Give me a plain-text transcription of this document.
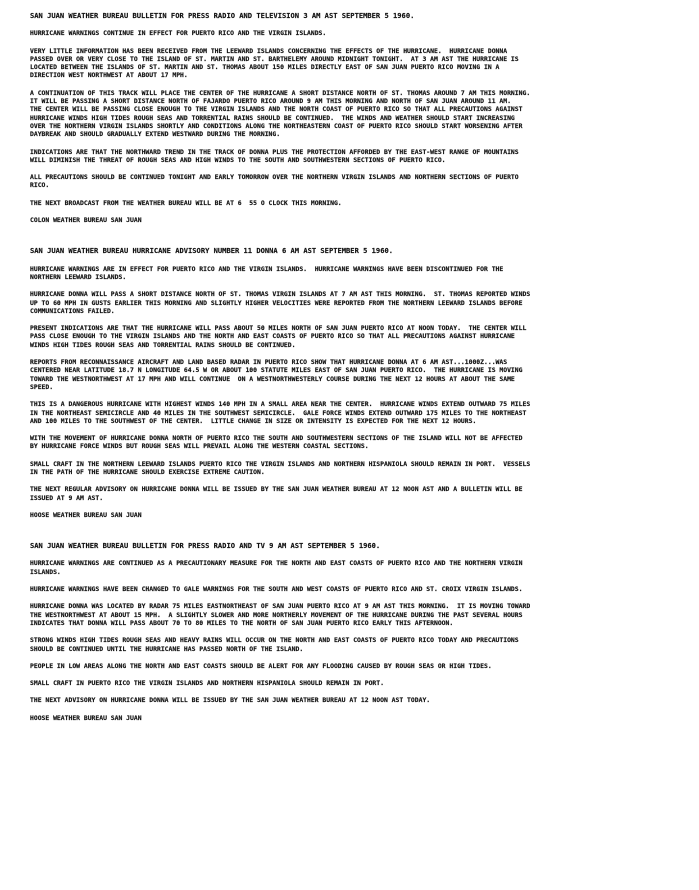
SAN JUAN WEATHER BUREAU BULLETIN FOR PRESS RADIO AND TELEVISION 3 AM AST SEPTEMBER 5 1960.
HURRICANE WARNINGS CONTINUE IN EFFECT FOR PUERTO RICO AND THE VIRGIN ISLANDS.
VERY LITTLE INFORMATION HAS BEEN RECEIVED FROM THE LEEWARD ISLANDS CONCERNING THE EFFECTS OF THE HURRICANE.  HURRICANE DONNA
PASSED OVER OR VERY CLOSE TO THE ISLAND OF ST. MARTIN AND ST. BARTHELEMY AROUND MIDNIGHT TONIGHT.  AT 3 AM AST THE HURRICANE IS
LOCATED BETWEEN THE ISLANDS OF ST. MARTIN AND ST. THOMAS ABOUT 150 MILES DIRECTLY EAST OF SAN JUAN PUERTO RICO MOVING IN A
DIRECTION WEST NORTHWEST AT ABOUT 17 MPH.
A CONTINUATION OF THIS TRACK WILL PLACE THE CENTER OF THE HURRICANE A SHORT DISTANCE NORTH OF ST. THOMAS AROUND 7 AM THIS MORNING.
IT WILL BE PASSING A SHORT DISTANCE NORTH OF FAJARDO PUERTO RICO AROUND 9 AM THIS MORNING AND NORTH OF SAN JUAN AROUND 11 AM.
THE CENTER WILL BE PASSING CLOSE ENOUGH TO THE VIRGIN ISLANDS AND THE NORTH COAST OF PUERTO RICO SO THAT ALL PRECAUTIONS AGAINST
HURRICANE WINDS HIGH TIDES ROUGH SEAS AND TORRENTIAL RAINS SHOULD BE CONTINUED.  THE WINDS AND WEATHER SHOULD START INCREASING
OVER THE NORTHERN VIRGIN ISLANDS SHORTLY AND CONDITIONS ALONG THE NORTHEASTERN COAST OF PUERTO RICO SHOULD START WORSENING AFTER
DAYBREAK AND SHOULD GRADUALLY EXTEND WESTWARD DURING THE MORNING.
INDICATIONS ARE THAT THE NORTHWARD TREND IN THE TRACK OF DONNA PLUS THE PROTECTION AFFORDED BY THE EAST-WEST RANGE OF MOUNTAINS
WILL DIMINISH THE THREAT OF ROUGH SEAS AND HIGH WINDS TO THE SOUTH AND SOUTHWESTERN SECTIONS OF PUERTO RICO.
ALL PRECAUTIONS SHOULD BE CONTINUED TONIGHT AND EARLY TOMORROW OVER THE NORTHERN VIRGIN ISLANDS AND NORTHERN SECTIONS OF PUERTO
RICO.
THE NEXT BROADCAST FROM THE WEATHER BUREAU WILL BE AT 6  55 O CLOCK THIS MORNING.
COLON WEATHER BUREAU SAN JUAN
SAN JUAN WEATHER BUREAU HURRICANE ADVISORY NUMBER 11 DONNA 6 AM AST SEPTEMBER 5 1960.
HURRICANE WARNINGS ARE IN EFFECT FOR PUERTO RICO AND THE VIRGIN ISLANDS.  HURRICANE WARNINGS HAVE BEEN DISCONTINUED FOR THE
NORTHERN LEEWARD ISLANDS.
HURRICANE DONNA WILL PASS A SHORT DISTANCE NORTH OF ST. THOMAS VIRGIN ISLANDS AT 7 AM AST THIS MORNING.  ST. THOMAS REPORTED WINDS
UP TO 60 MPH IN GUSTS EARLIER THIS MORNING AND SLIGHTLY HIGHER VELOCITIES WERE REPORTED FROM THE NORTHERN LEEWARD ISLANDS BEFORE
COMMUNICATIONS FAILED.
PRESENT INDICATIONS ARE THAT THE HURRICANE WILL PASS ABOUT 50 MILES NORTH OF SAN JUAN PUERTO RICO AT NOON TODAY.  THE CENTER WILL
PASS CLOSE ENOUGH TO THE VIRGIN ISLANDS AND THE NORTH AND EAST COASTS OF PUERTO RICO SO THAT ALL PRECAUTIONS AGAINST HURRICANE
WINDS HIGH TIDES ROUGH SEAS AND TORRENTIAL RAINS SHOULD BE CONTINUED.
REPORTS FROM RECONNAISSANCE AIRCRAFT AND LAND BASED RADAR IN PUERTO RICO SHOW THAT HURRICANE DONNA AT 6 AM AST...1000Z...WAS
CENTERED NEAR LATITUDE 18.7 N LONGITUDE 64.5 W OR ABOUT 100 STATUTE MILES EAST OF SAN JUAN PUERTO RICO.  THE HURRICANE IS MOVING
TOWARD THE WESTNORTHWEST AT 17 MPH AND WILL CONTINUE  ON A WESTNORTHWESTERLY COURSE DURING THE NEXT 12 HOURS AT ABOUT THE SAME
SPEED.
THIS IS A DANGEROUS HURRICANE WITH HIGHEST WINDS 140 MPH IN A SMALL AREA NEAR THE CENTER.  HURRICANE WINDS EXTEND OUTWARD 75 MILES
IN THE NORTHEAST SEMICIRCLE AND 40 MILES IN THE SOUTHWEST SEMICIRCLE.  GALE FORCE WINDS EXTEND OUTWARD 175 MILES TO THE NORTHEAST
AND 100 MILES TO THE SOUTHWEST OF THE CENTER.  LITTLE CHANGE IN SIZE OR INTENSITY IS EXPECTED FOR THE NEXT 12 HOURS.
WITH THE MOVEMENT OF HURRICANE DONNA NORTH OF PUERTO RICO THE SOUTH AND SOUTHWESTERN SECTIONS OF THE ISLAND WILL NOT BE AFFECTED
BY HURRICANE FORCE WINDS BUT ROUGH SEAS WILL PREVAIL ALONG THE WESTERN COASTAL SECTIONS.
SMALL CRAFT IN THE NORTHERN LEEWARD ISLANDS PUERTO RICO THE VIRGIN ISLANDS AND NORTHERN HISPANIOLA SHOULD REMAIN IN PORT.  VESSELS
IN THE PATH OF THE HURRICANE SHOULD EXERCISE EXTREME CAUTION.
THE NEXT REGULAR ADVISORY ON HURRICANE DONNA WILL BE ISSUED BY THE SAN JUAN WEATHER BUREAU AT 12 NOON AST AND A BULLETIN WILL BE
ISSUED AT 9 AM AST.
HOOSE WEATHER BUREAU SAN JUAN
SAN JUAN WEATHER BUREAU BULLETIN FOR PRESS RADIO AND TV 9 AM AST SEPTEMBER 5 1960.
HURRICANE WARNINGS ARE CONTINUED AS A PRECAUTIONARY MEASURE FOR THE NORTH AND EAST COASTS OF PUERTO RICO AND THE NORTHERN VIRGIN
ISLANDS.
HURRICANE WARNINGS HAVE BEEN CHANGED TO GALE WARNINGS FOR THE SOUTH AND WEST COASTS OF PUERTO RICO AND ST. CROIX VIRGIN ISLANDS.
HURRICANE DONNA WAS LOCATED BY RADAR 75 MILES EASTNORTHEAST OF SAN JUAN PUERTO RICO AT 9 AM AST THIS MORNING.  IT IS MOVING TOWARD
THE WESTNORTHWEST AT ABOUT 15 MPH.  A SLIGHTLY SLOWER AND MORE NORTHERLY MOVEMENT OF THE HURRICANE DURING THE PAST SEVERAL HOURS
INDICATES THAT DONNA WILL PASS ABOUT 70 TO 80 MILES TO THE NORTH OF SAN JUAN PUERTO RICO EARLY THIS AFTERNOON.
STRONG WINDS HIGH TIDES ROUGH SEAS AND HEAVY RAINS WILL OCCUR ON THE NORTH AND EAST COASTS OF PUERTO RICO TODAY AND PRECAUTIONS
SHOULD BE CONTINUED UNTIL THE HURRICANE HAS PASSED NORTH OF THE ISLAND.
PEOPLE IN LOW AREAS ALONG THE NORTH AND EAST COASTS SHOULD BE ALERT FOR ANY FLOODING CAUSED BY ROUGH SEAS OR HIGH TIDES.
SMALL CRAFT IN PUERTO RICO THE VIRGIN ISLANDS AND NORTHERN HISPANIOLA SHOULD REMAIN IN PORT.
THE NEXT ADVISORY ON HURRICANE DONNA WILL BE ISSUED BY THE SAN JUAN WEATHER BUREAU AT 12 NOON AST TODAY.
HOOSE WEATHER BUREAU SAN JUAN
